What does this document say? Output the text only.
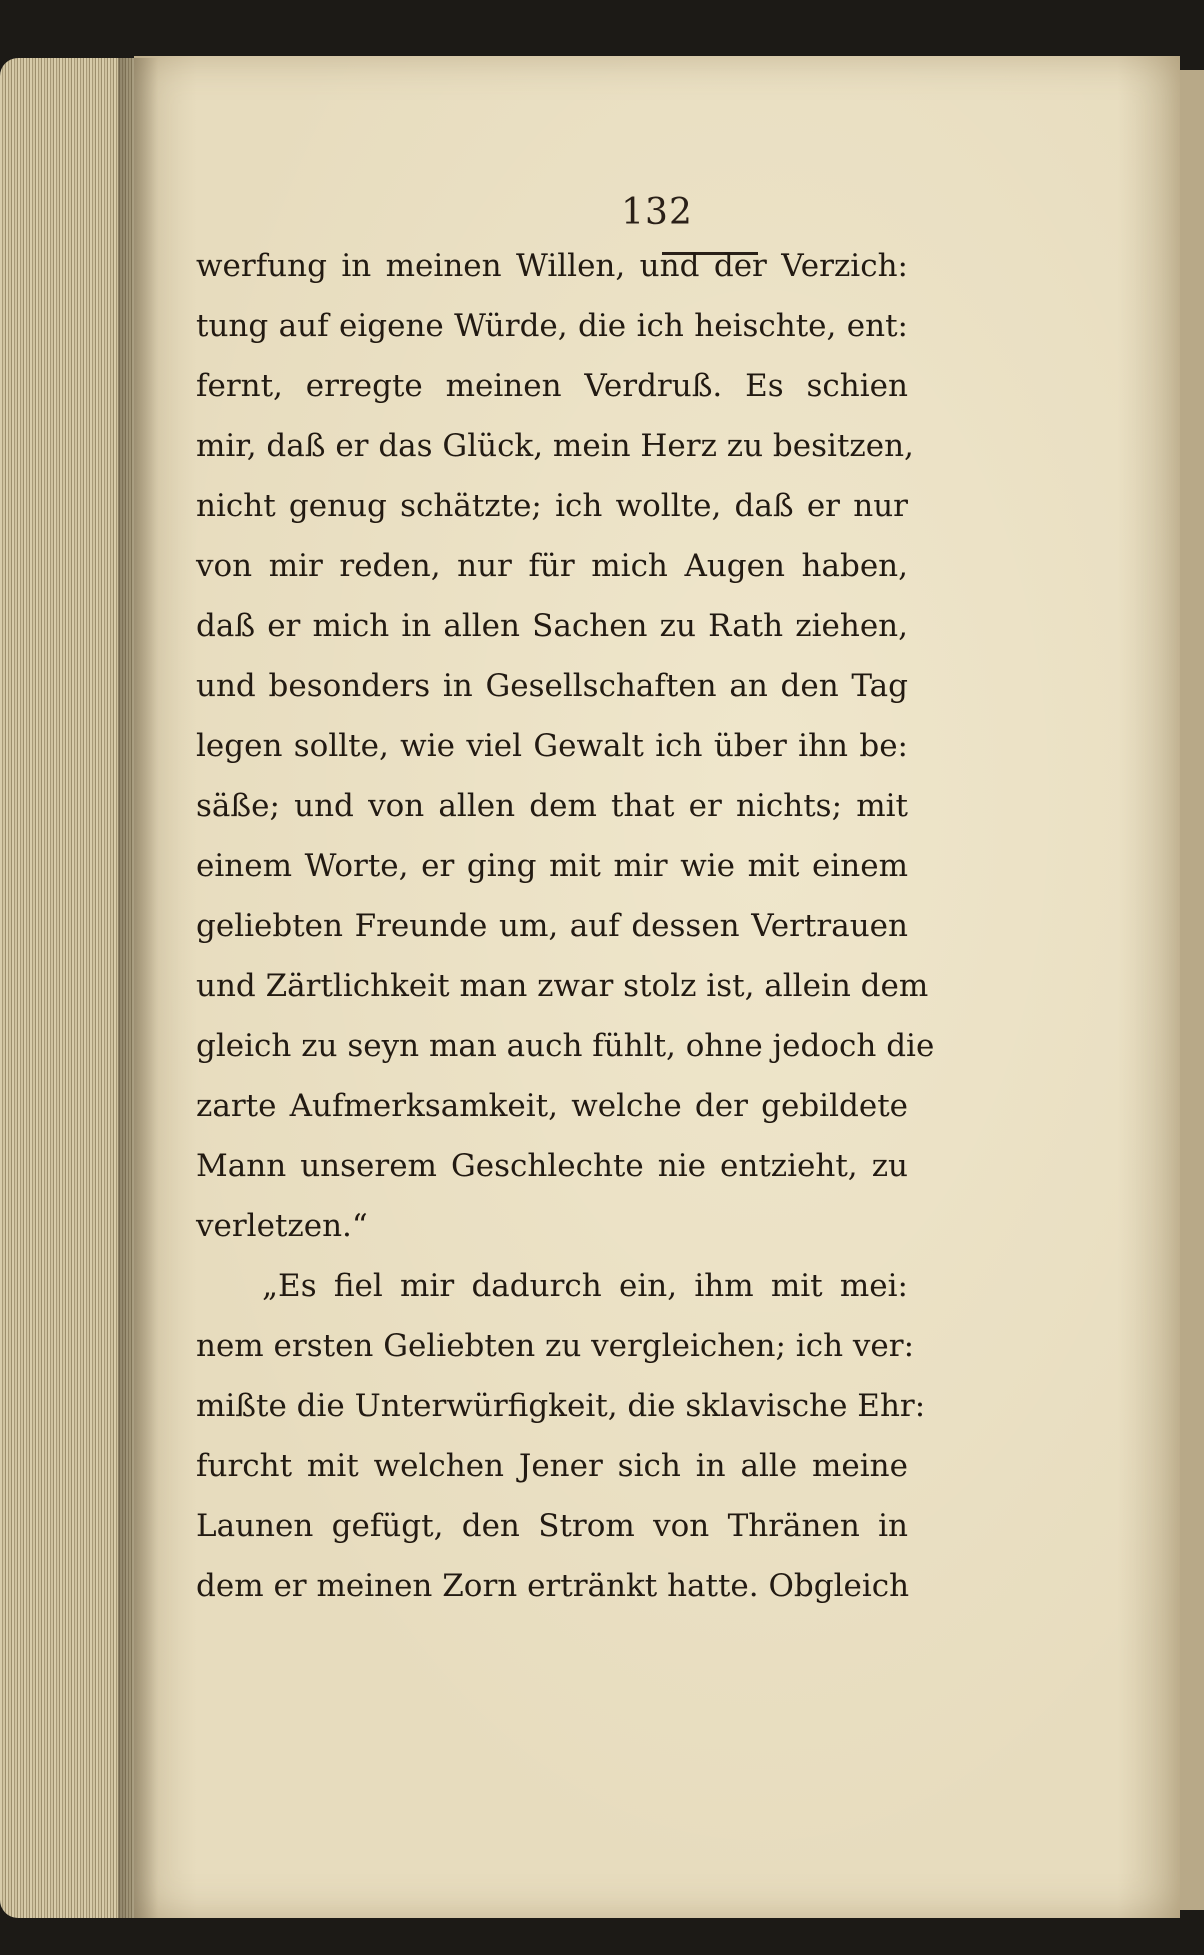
132
werfung in meinen Willen, und der Verzich:
tung auf eigene Würde, die ich heischte, ent:
fernt, erregte meinen Verdruß. Es schien
mir, daß er das Glück, mein Herz zu besitzen,
nicht genug schätzte; ich wollte, daß er nur
von mir reden, nur für mich Augen haben,
daß er mich in allen Sachen zu Rath ziehen,
und besonders in Gesellschaften an den Tag
legen sollte, wie viel Gewalt ich über ihn be:
säße; und von allen dem that er nichts; mit
einem Worte, er ging mit mir wie mit einem
geliebten Freunde um, auf dessen Vertrauen
und Zärtlichkeit man zwar stolz ist, allein dem
gleich zu seyn man auch fühlt, ohne jedoch die
zarte Aufmerksamkeit, welche der gebildete
Mann unserem Geschlechte nie entzieht, zu
verletzen.“
„Es fiel mir dadurch ein, ihm mit mei:
nem ersten Geliebten zu vergleichen; ich ver:
mißte die Unterwürfigkeit, die sklavische Ehr:
furcht mit welchen Jener sich in alle meine
Launen gefügt, den Strom von Thränen in
dem er meinen Zorn ertränkt hatte. Obgleich
